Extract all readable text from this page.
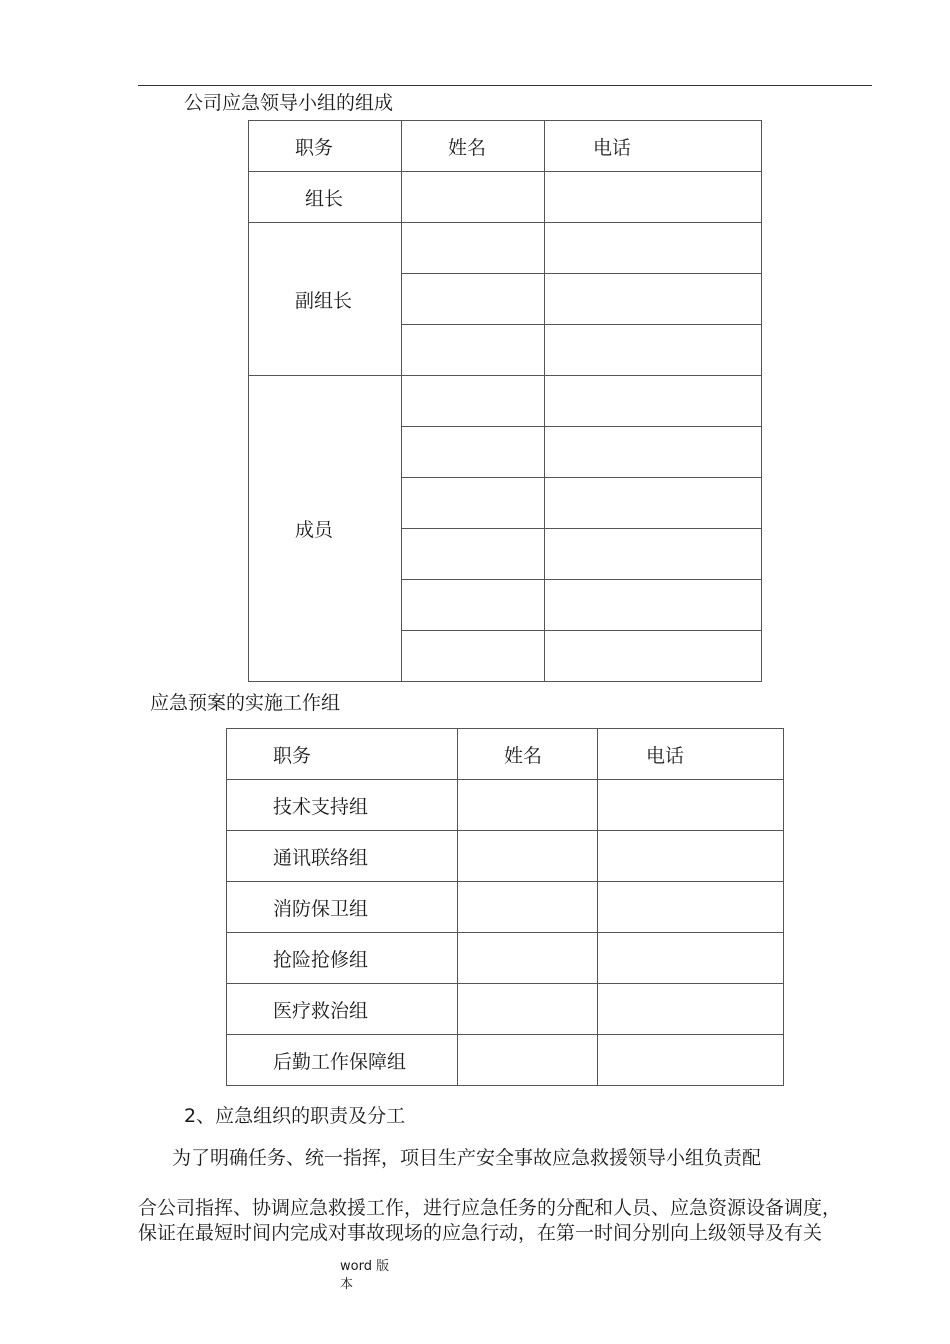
公司应急领导小组的组成
职务	姓名	电话
组长		
副组长		

成员		

应急预案的实施工作组
职务	姓名	电话
技术支持组		
通讯联络组		
消防保卫组		
抢险抢修组		
医疗救治组		
后勤工作保障组		
2、应急组织的职责及分工
为了明确任务、统一指挥，项目生产安全事故应急救援领导小组负责配
合公司指挥、协调应急救援工作，进行应急任务的分配和人员、应急资源设备调度，
保证在最短时间内完成对事故现场的应急行动，在第一时间分别向上级领导及有关
word 版
本
